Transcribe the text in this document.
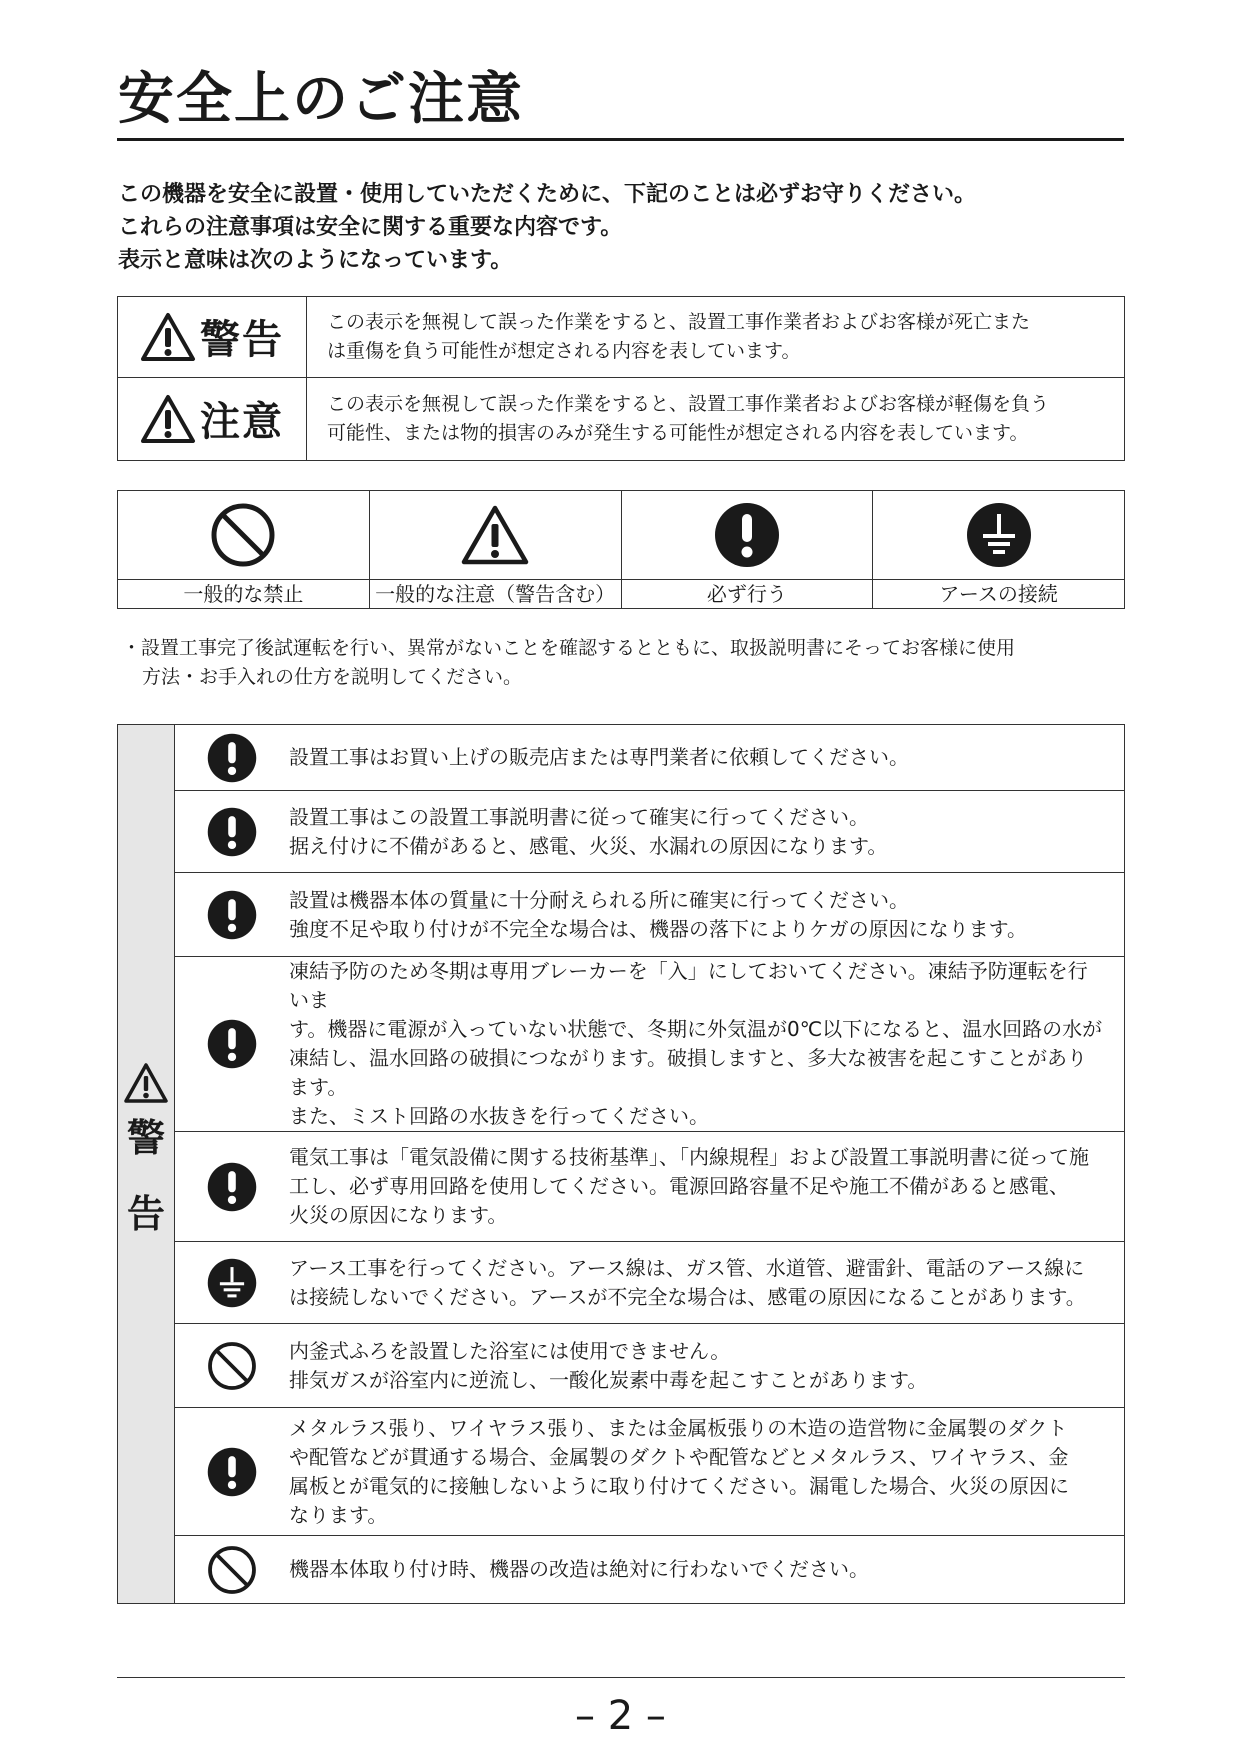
安全上のご注意
この機器を安全に設置・使用していただくために、下記のことは必ずお守りください。
これらの注意事項は安全に関する重要な内容です。
表示と意味は次のようになっています。
警告	この表示を無視して誤った作業をすると、設置工事作業者およびお客様が死亡また
は重傷を負う可能性が想定される内容を表しています。

注意	この表示を無視して誤った作業をすると、設置工事作業者およびお客様が軽傷を負う
可能性、または物的損害のみが発生する可能性が想定される内容を表しています。

一般的な禁止	一般的な注意（警告含む）	必ず行う	アースの接続
・設置工事完了後試運転を行い、異常がないことを確認するとともに、取扱説明書にそってお客様に使用
方法・お手入れの仕方を説明してください。
警
告		設置工事はお買い上げの販売店または専門業者に依頼してください。

設置工事はこの設置工事説明書に従って確実に行ってください。
据え付けに不備があると、感電、火災、水漏れの原因になります。

設置は機器本体の質量に十分耐えられる所に確実に行ってください。
強度不足や取り付けが不完全な場合は、機器の落下によりケガの原因になります。

凍結予防のため冬期は専用ブレーカーを「入」にしておいてください。凍結予防運転を行いま
す。機器に電源が入っていない状態で、冬期に外気温が0℃以下になると、温水回路の水が
凍結し、温水回路の破損につながります。破損しますと、多大な被害を起こすことがあります。
また、ミスト回路の水抜きを行ってください。

電気工事は「電気設備に関する技術基準」、「内線規程」および設置工事説明書に従って施
工し、必ず専用回路を使用してください。電源回路容量不足や施工不備があると感電、
火災の原因になります。

アース工事を行ってください。アース線は、ガス管、水道管、避雷針、電話のアース線に
は接続しないでください。アースが不完全な場合は、感電の原因になることがあります。

内釜式ふろを設置した浴室には使用できません。
排気ガスが浴室内に逆流し、一酸化炭素中毒を起こすことがあります。

メタルラス張り、ワイヤラス張り、または金属板張りの木造の造営物に金属製のダクト
や配管などが貫通する場合、金属製のダクトや配管などとメタルラス、ワイヤラス、金
属板とが電気的に接触しないように取り付けてください。漏電した場合、火災の原因に
なります。

機器本体取り付け時、機器の改造は絶対に行わないでください。
– 2 –
